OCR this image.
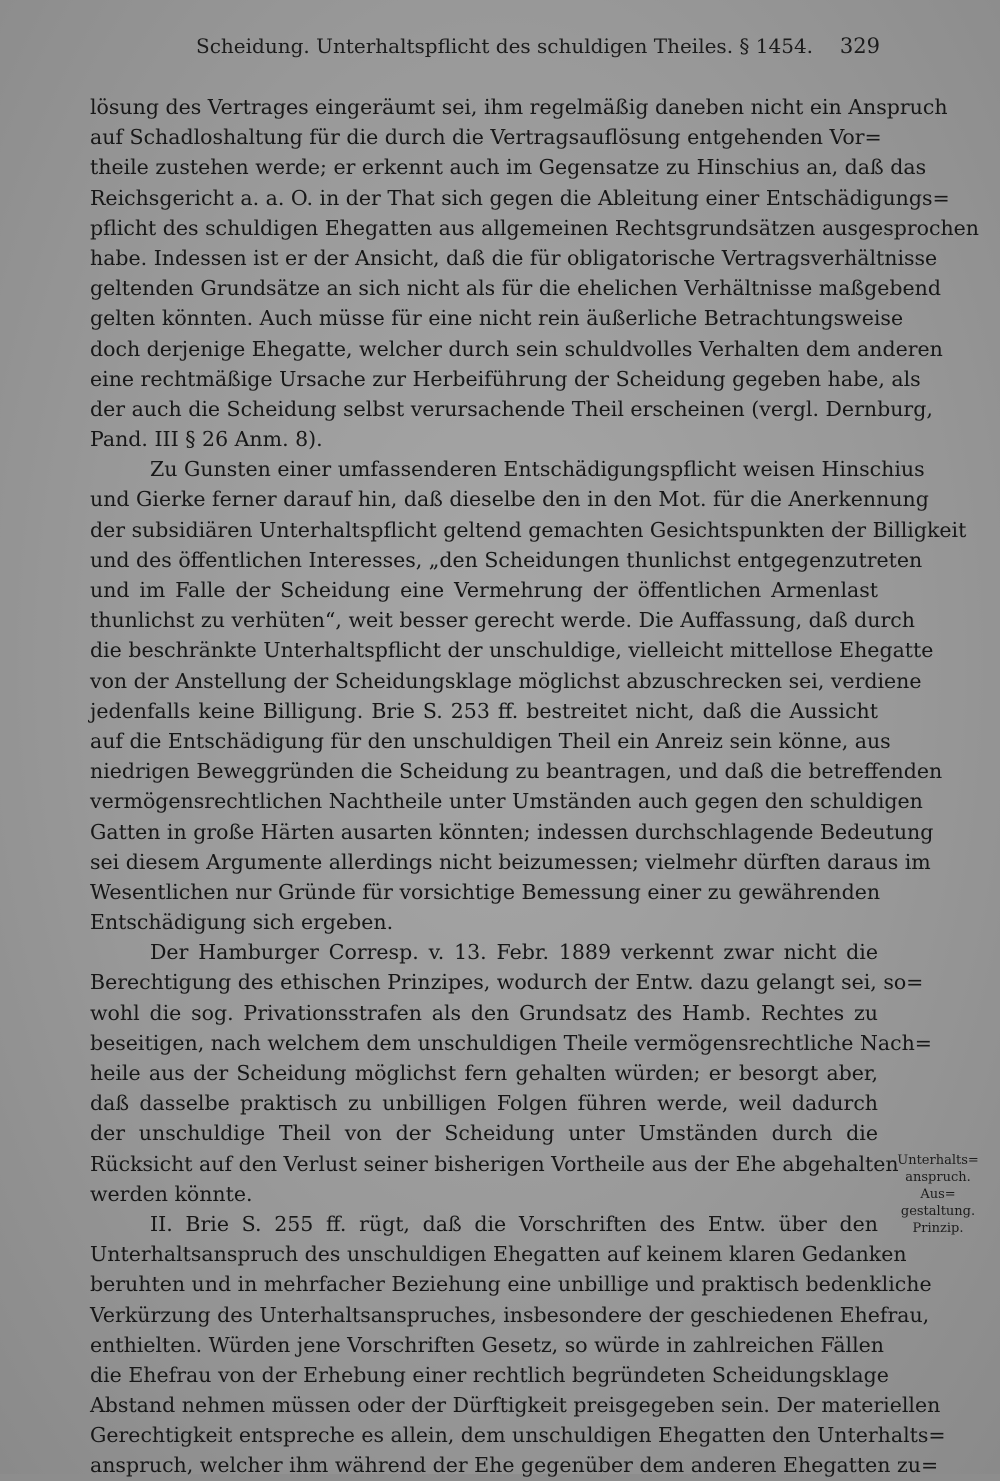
Scheidung. Unterhaltspflicht des schuldigen Theiles. § 1454. 329
lösung des Vertrages eingeräumt sei, ihm regelmäßig daneben nicht ein Anspruch
auf Schadloshaltung für die durch die Vertragsauflösung entgehenden Vor=
theile zustehen werde; er erkennt auch im Gegensatze zu Hinschius an, daß das
Reichsgericht a. a. O. in der That sich gegen die Ableitung einer Entschädigungs=
pflicht des schuldigen Ehegatten aus allgemeinen Rechtsgrundsätzen ausgesprochen
habe. Indessen ist er der Ansicht, daß die für obligatorische Vertragsverhältnisse
geltenden Grundsätze an sich nicht als für die ehelichen Verhältnisse maßgebend
gelten könnten. Auch müsse für eine nicht rein äußerliche Betrachtungsweise
doch derjenige Ehegatte, welcher durch sein schuldvolles Verhalten dem anderen
eine rechtmäßige Ursache zur Herbeiführung der Scheidung gegeben habe, als
der auch die Scheidung selbst verursachende Theil erscheinen (vergl. Dernburg,
Pand. III § 26 Anm. 8).
Zu Gunsten einer umfassenderen Entschädigungspflicht weisen Hinschius
und Gierke ferner darauf hin, daß dieselbe den in den Mot. für die Anerkennung
der subsidiären Unterhaltspflicht geltend gemachten Gesichtspunkten der Billigkeit
und des öffentlichen Interesses, „den Scheidungen thunlichst entgegenzutreten
und im Falle der Scheidung eine Vermehrung der öffentlichen Armenlast
thunlichst zu verhüten“, weit besser gerecht werde. Die Auffassung, daß durch
die beschränkte Unterhaltspflicht der unschuldige, vielleicht mittellose Ehegatte
von der Anstellung der Scheidungsklage möglichst abzuschrecken sei, verdiene
jedenfalls keine Billigung. Brie S. 253 ff. bestreitet nicht, daß die Aussicht
auf die Entschädigung für den unschuldigen Theil ein Anreiz sein könne, aus
niedrigen Beweggründen die Scheidung zu beantragen, und daß die betreffenden
vermögensrechtlichen Nachtheile unter Umständen auch gegen den schuldigen
Gatten in große Härten ausarten könnten; indessen durchschlagende Bedeutung
sei diesem Argumente allerdings nicht beizumessen; vielmehr dürften daraus im
Wesentlichen nur Gründe für vorsichtige Bemessung einer zu gewährenden
Entschädigung sich ergeben.
Der Hamburger Corresp. v. 13. Febr. 1889 verkennt zwar nicht die
Berechtigung des ethischen Prinzipes, wodurch der Entw. dazu gelangt sei, so=
wohl die sog. Privationsstrafen als den Grundsatz des Hamb. Rechtes zu
beseitigen, nach welchem dem unschuldigen Theile vermögensrechtliche Nach=
heile aus der Scheidung möglichst fern gehalten würden; er besorgt aber,
daß dasselbe praktisch zu unbilligen Folgen führen werde, weil dadurch
der unschuldige Theil von der Scheidung unter Umständen durch die
Rücksicht auf den Verlust seiner bisherigen Vortheile aus der Ehe abgehalten
werden könnte.
II. Brie S. 255 ff. rügt, daß die Vorschriften des Entw. über den
Unterhaltsanspruch des unschuldigen Ehegatten auf keinem klaren Gedanken
beruhten und in mehrfacher Beziehung eine unbillige und praktisch bedenkliche
Verkürzung des Unterhaltsanspruches, insbesondere der geschiedenen Ehefrau,
enthielten. Würden jene Vorschriften Gesetz, so würde in zahlreichen Fällen
die Ehefrau von der Erhebung einer rechtlich begründeten Scheidungsklage
Abstand nehmen müssen oder der Dürftigkeit preisgegeben sein. Der materiellen
Gerechtigkeit entspreche es allein, dem unschuldigen Ehegatten den Unterhalts=
anspruch, welcher ihm während der Ehe gegenüber dem anderen Ehegatten zu=
Unterhalts=
anspruch.
Aus=
gestaltung.
Prinzip.
